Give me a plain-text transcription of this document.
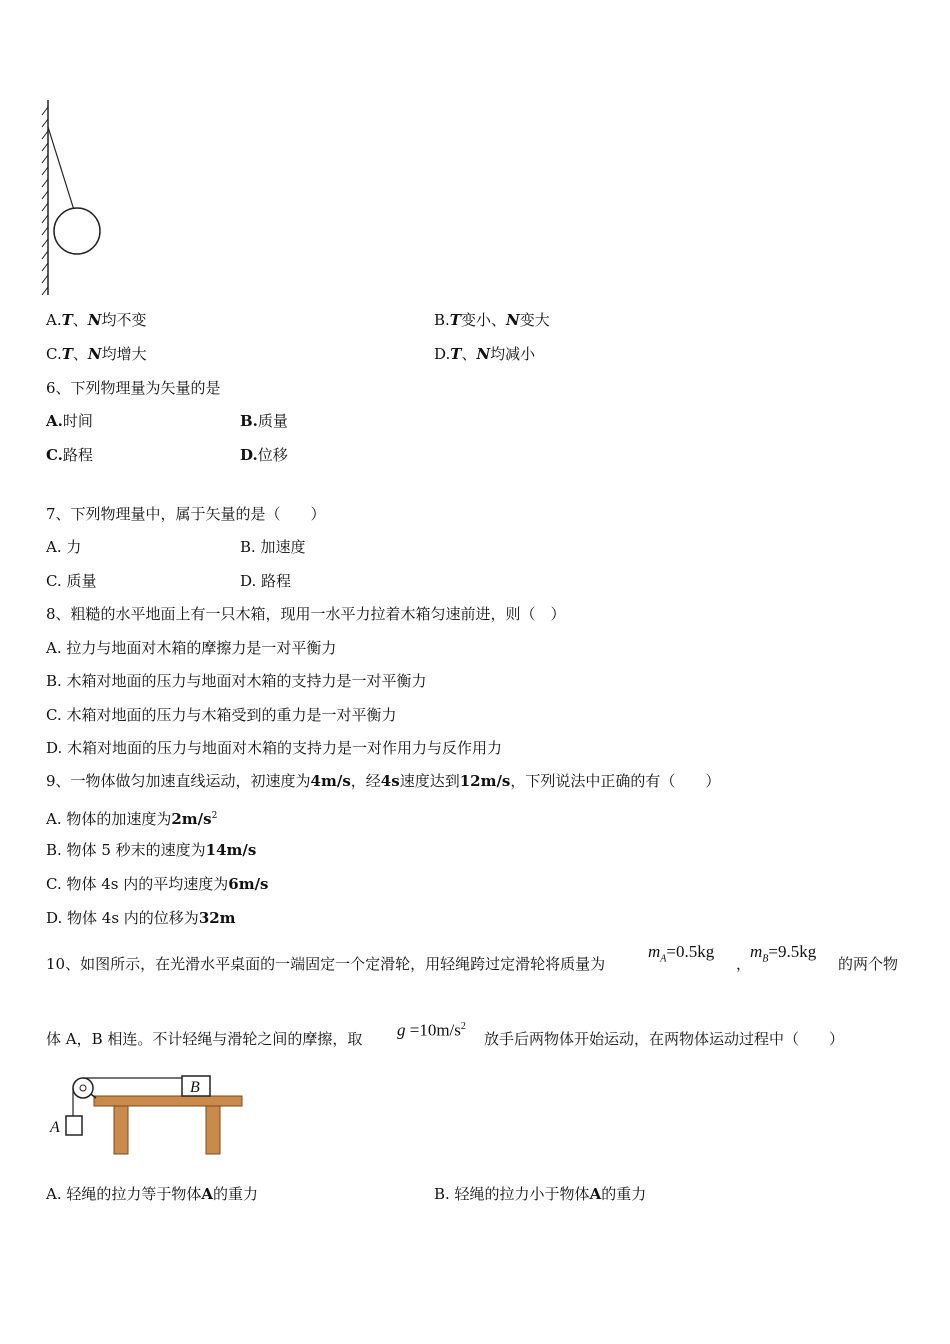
A.T、N均不变	B.T变小、N变大
C.T、N均增大	D.T、N均减小
6、下列物理量为矢量的是
A.时间	B.质量
C.路程	D.位移
7、下列物理量中，属于矢量的是（　　）
A. 力	B. 加速度
C. 质量	D. 路程
8、粗糙的水平地面上有一只木箱，现用一水平力拉着木箱匀速前进，则（　）
A. 拉力与地面对木箱的摩擦力是一对平衡力
B. 木箱对地面的压力与地面对木箱的支持力是一对平衡力
C. 木箱对地面的压力与木箱受到的重力是一对平衡力
D. 木箱对地面的压力与地面对木箱的支持力是一对作用力与反作用力
9、一物体做匀加速直线运动，初速度为4m/s，经4s速度达到12m/s，下列说法中正确的有（　　）
A. 物体的加速度为$2m/s^2$
B. 物体 5 秒末的速度为14m/s
C. 物体 4s 内的平均速度为6m/s
D. 物体 4s 内的位移为32m
10、如图所示，在光滑水平桌面的一端固定一个定滑轮，用轻绳跨过定滑轮将质量为
$m_A=0.5kg$
，
$m_B=9.5kg$
的两个物
体 A，B 相连。不计轻绳与滑轮之间的摩擦，取 $g =10m/s^2$
放手后两物体开始运动，在两物体运动过程中（　　）
B
A
A. 轻绳的拉力等于物体A的重力	B. 轻绳的拉力小于物体A的重力
